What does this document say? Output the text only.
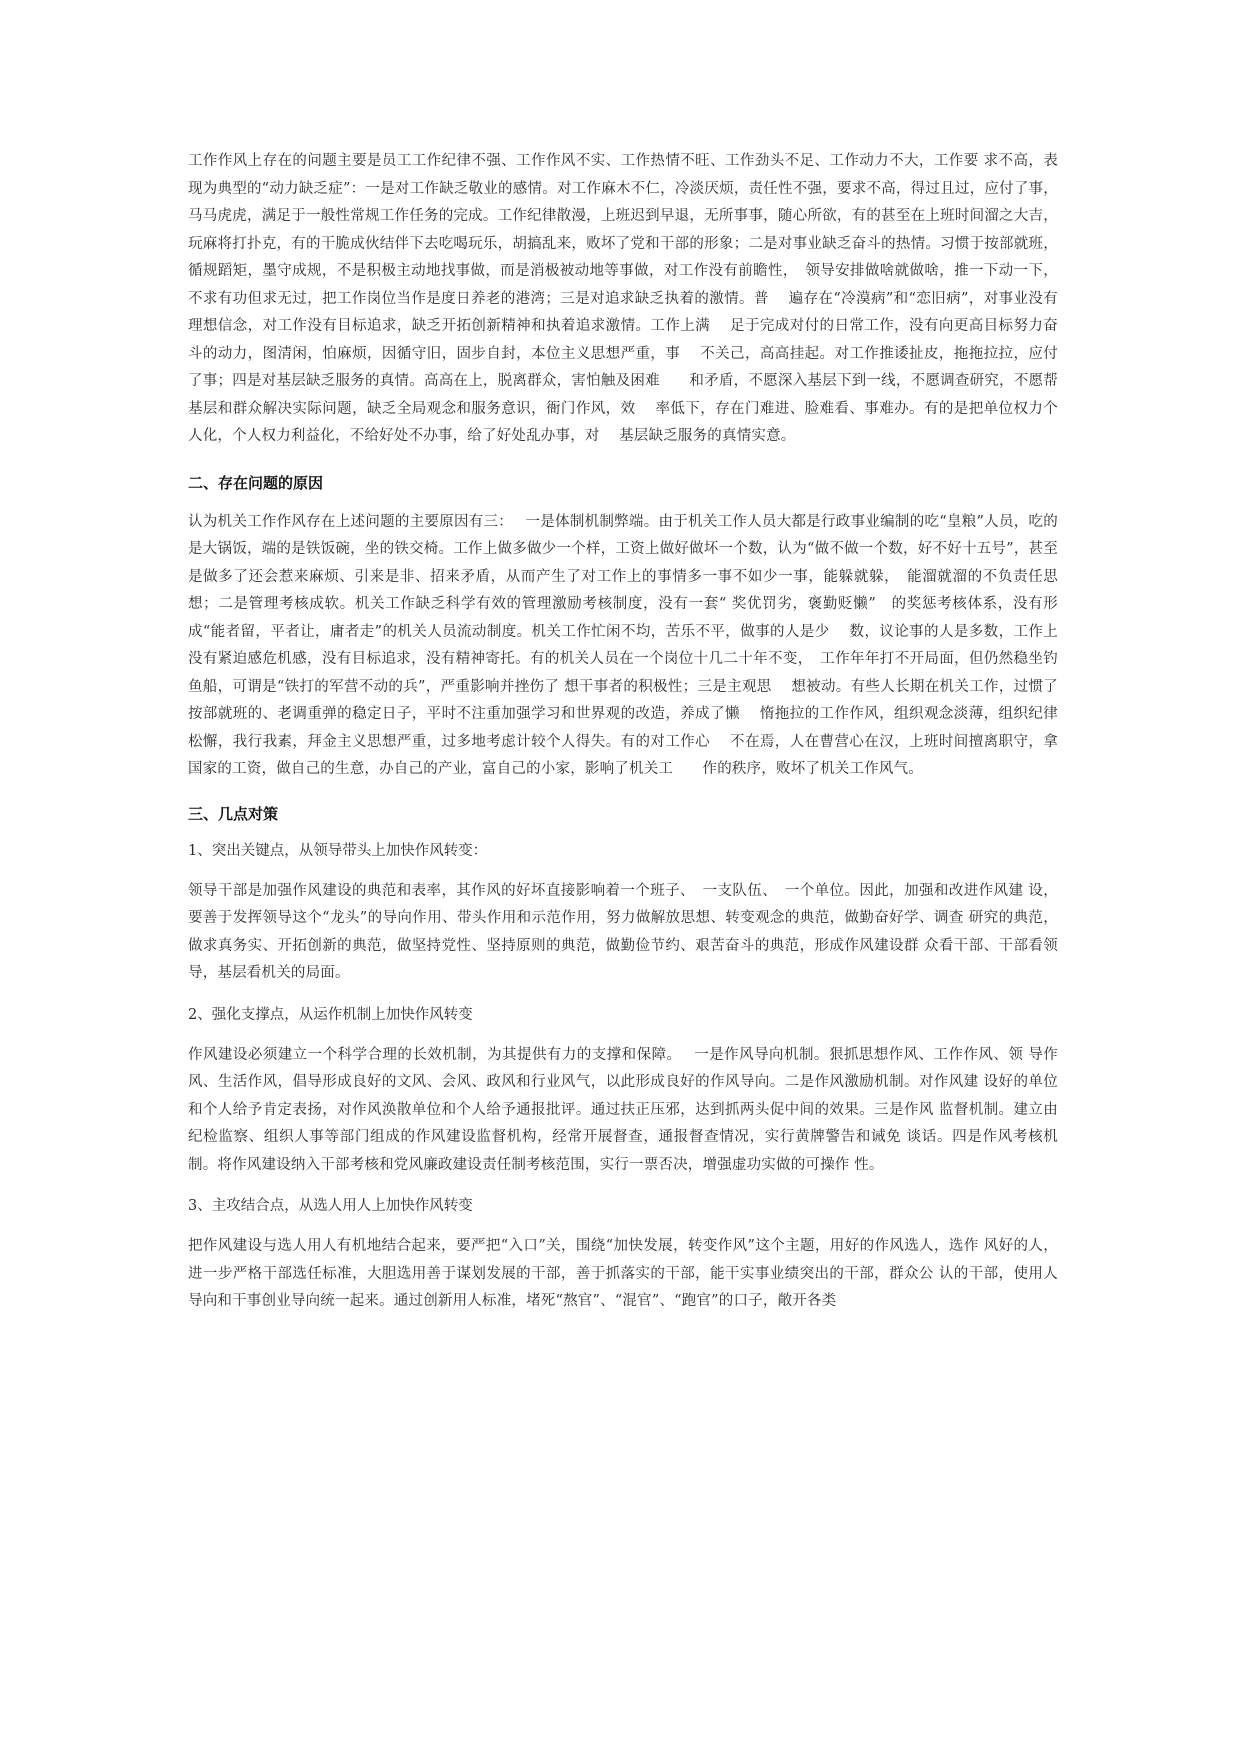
工作作风上存在的问题主要是员工工作纪律不强、工作作风不实、工作热情不旺、工作劲头不足、工作动力不大，工作要 求不高，表现为典型的“动力缺乏症”：一是对工作缺乏敬业的感情。对工作麻木不仁，冷淡厌烦，责任性不强，要求不高，得过且过，应付了事，马马虎虎，满足于一般性常规工作任务的完成。工作纪律散漫，上班迟到早退，无所事事，随心所欲，有的甚至在上班时间溜之大吉，玩麻将打扑克，有的干脆成伙结伴下去吃喝玩乐，胡搞乱来，败坏了党和干部的形象；二是对事业缺乏奋斗的热情。习惯于按部就班，循规蹈矩，墨守成规，不是积极主动地找事做，而是消极被动地等事做，对工作没有前瞻性，　领导安排做啥就做啥，推一下动一下，不求有功但求无过，把工作岗位当作是度日养老的港湾；三是对追求缺乏执着的激情。普　 遍存在“冷漠病”和“恋旧病”，对事业没有理想信念，对工作没有目标追求，缺乏开拓创新精神和执着追求激情。工作上满　 足于完成对付的日常工作，没有向更高目标努力奋斗的动力，图清闲，怕麻烦，因循守旧，固步自封，本位主义思想严重，事　 不关己，高高挂起。对工作推诿扯皮，拖拖拉拉，应付了事；四是对基层缺乏服务的真情。高高在上，脱离群众，害怕触及困难　　和矛盾，不愿深入基层下到一线，不愿调查研究，不愿帮基层和群众解决实际问题，缺乏全局观念和服务意识，衙门作风，效　 率低下，存在门难进、脸难看、事难办。有的是把单位权力个人化，个人权力利益化，不给好处不办事，给了好处乱办事，对　 基层缺乏服务的真情实意。

二、存在问题的原因

认为机关工作作风存在上述问题的主要原因有三：　 一是体制机制弊端。由于机关工作人员大都是行政事业编制的吃“皇粮”人员，吃的是大锅饭，端的是铁饭碗，坐的铁交椅。工作上做多做少一个样，工资上做好做坏一个数，认为“做不做一个数，好不好十五号”，甚至是做多了还会惹来麻烦、引来是非、招来矛盾，从而产生了对工作上的事情多一事不如少一事，能躲就躲，　能溜就溜的不负责任思想；二是管理考核成软。机关工作缺乏科学有效的管理激励考核制度，没有一套“ 奖优罚劣，褒勤贬懒”　的奖惩考核体系，没有形成“能者留，平者让，庸者走”的机关人员流动制度。机关工作忙闲不均，苦乐不平，做事的人是少　 数，议论事的人是多数，工作上没有紧迫感危机感，没有目标追求，没有精神寄托。有的机关人员在一个岗位十几二十年不变，　工作年年打不开局面，但仍然稳坐钓鱼船，可谓是“铁打的军营不动的兵”，严重影响并挫伤了 想干事者的积极性；三是主观思　 想被动。有些人长期在机关工作，过惯了按部就班的、老调重弹的稳定日子，平时不注重加强学习和世界观的改造，养成了懒　 惰拖拉的工作作风，组织观念淡薄，组织纪律松懈，我行我素，拜金主义思想严重，过多地考虑计较个人得失。有的对工作心　 不在焉，人在曹营心在汉，上班时间擅离职守，拿国家的工资，做自己的生意，办自己的产业，富自己的小家，影响了机关工　　作的秩序，败坏了机关工作风气。

三、几点对策

1、突出关键点，从领导带头上加快作风转变：

领导干部是加强作风建设的典范和表率，其作风的好坏直接影响着一个班子、　一支队伍、　一个单位。因此，加强和改进作风建 设，要善于发挥领导这个“龙头”的导向作用、带头作用和示范作用，努力做解放思想、转变观念的典范，做勤奋好学、调查 研究的典范，做求真务实、开拓创新的典范，做坚持党性、坚持原则的典范，做勤俭节约、艰苦奋斗的典范，形成作风建设群 众看干部、干部看领导，基层看机关的局面。

2、强化支撑点，从运作机制上加快作风转变

作风建设必须建立一个科学合理的长效机制，为其提供有力的支撑和保障。　 一是作风导向机制。狠抓思想作风、工作作风、领 导作风、生活作风，倡导形成良好的文风、会风、政风和行业风气，以此形成良好的作风导向。二是作风激励机制。对作风建 设好的单位和个人给予肯定表扬，对作风涣散单位和个人给予通报批评。通过扶正压邪，达到抓两头促中间的效果。三是作风 监督机制。建立由纪检监察、组织人事等部门组成的作风建设监督机构，经常开展督查，通报督查情况，实行黄牌警告和诫免 谈话。四是作风考核机制。将作风建设纳入干部考核和党风廉政建设责任制考核范围，实行一票否决，增强虚功实做的可操作 性。

3、主攻结合点，从选人用人上加快作风转变

把作风建设与选人用人有机地结合起来，要严把“入口”关，围绕“加快发展，转变作风”这个主题，用好的作风选人，选作 风好的人，进一步严格干部选任标准，大胆选用善于谋划发展的干部，善于抓落实的干部，能干实事业绩突出的干部，群众公 认的干部，使用人导向和干事创业导向统一起来。通过创新用人标准，堵死“熬官”、“混官”、“跑官”的口子，敞开各类
